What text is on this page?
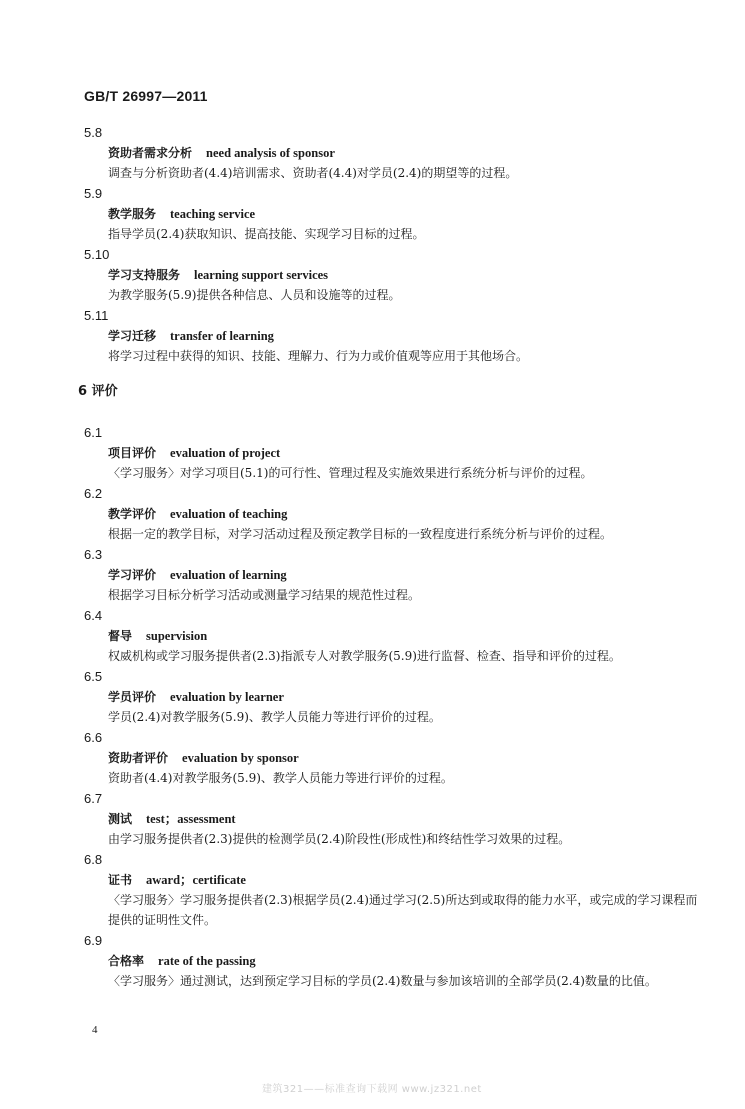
GB/T 26997—2011
5.8
资助者需求分析 need analysis of sponsor
调查与分析资助者(4.4)培训需求、资助者(4.4)对学员(2.4)的期望等的过程。
5.9
教学服务 teaching service
指导学员(2.4)获取知识、提高技能、实现学习目标的过程。
5.10
学习支持服务 learning support services
为教学服务(5.9)提供各种信息、人员和设施等的过程。
5.11
学习迁移 transfer of learning
将学习过程中获得的知识、技能、理解力、行为力或价值观等应用于其他场合。
6 评价
6.1
项目评价 evaluation of project
〈学习服务〉对学习项目(5.1)的可行性、管理过程及实施效果进行系统分析与评价的过程。
6.2
教学评价 evaluation of teaching
根据一定的教学目标，对学习活动过程及预定教学目标的一致程度进行系统分析与评价的过程。
6.3
学习评价 evaluation of learning
根据学习目标分析学习活动或测量学习结果的规范性过程。
6.4
督导 supervision
权威机构或学习服务提供者(2.3)指派专人对教学服务(5.9)进行监督、检查、指导和评价的过程。
6.5
学员评价 evaluation by learner
学员(2.4)对教学服务(5.9)、教学人员能力等进行评价的过程。
6.6
资助者评价 evaluation by sponsor
资助者(4.4)对教学服务(5.9)、教学人员能力等进行评价的过程。
6.7
测试 test；assessment
由学习服务提供者(2.3)提供的检测学员(2.4)阶段性(形成性)和终结性学习效果的过程。
6.8
证书 award；certificate
〈学习服务〉学习服务提供者(2.3)根据学员(2.4)通过学习(2.5)所达到或取得的能力水平，或完成的学习课程而提供的证明性文件。
6.9
合格率 rate of the passing
〈学习服务〉通过测试，达到预定学习目标的学员(2.4)数量与参加该培训的全部学员(2.4)数量的比值。
4
建筑321——标准查询下载网 www.jz321.net
